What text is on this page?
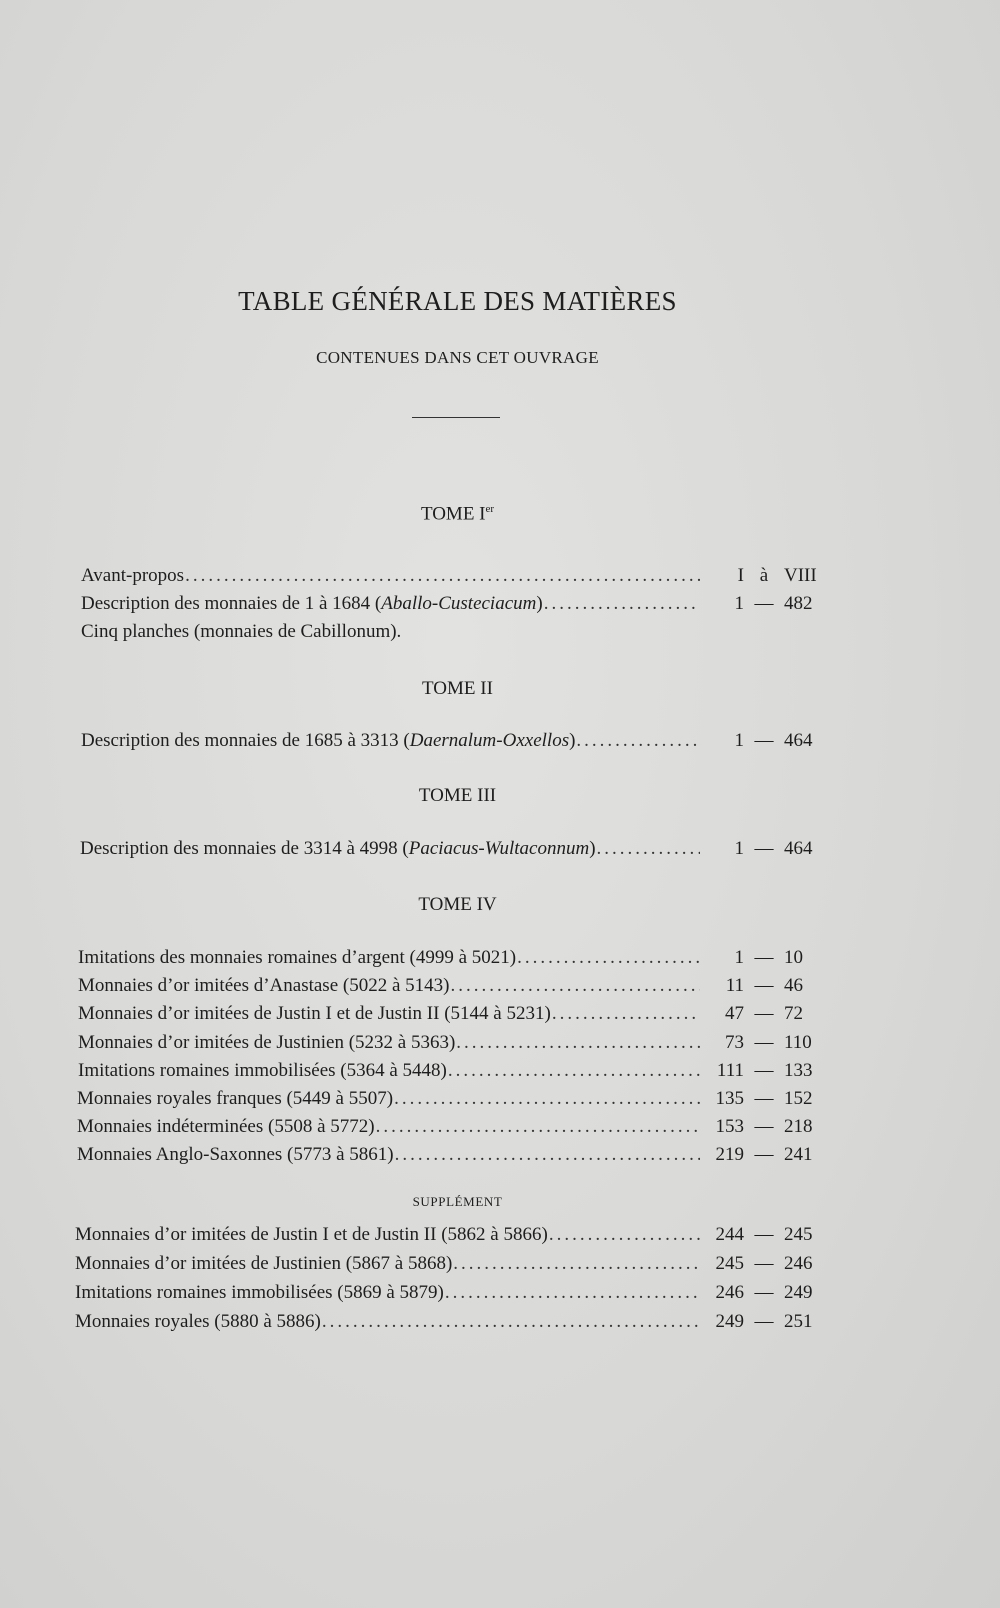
TABLE GÉNÉRALE DES MATIÈRES
CONTENUES DANS CET OUVRAGE
TOME Ier
Avant-propos .....	I à VIII
Description des monnaies de 1 à 1684 (Aballo-Custeciacum) .....	1 — 482
Cinq planches (monnaies de Cabillonum).
TOME II
Description des monnaies de 1685 à 3313 (Daernalum-Oxxellos) .....	1 — 464
TOME III
Description des monnaies de 3314 à 4998 (Paciacus-Wultaconnum) .....	1 — 464
TOME IV
Imitations des monnaies romaines d’argent (4999 à 5021) .....	1 — 10
Monnaies d’or imitées d’Anastase (5022 à 5143) .....	11 — 46
Monnaies d’or imitées de Justin I et de Justin II (5144 à 5231) .....	47 — 72
Monnaies d’or imitées de Justinien (5232 à 5363) .....	73 — 110
Imitations romaines immobilisées (5364 à 5448) .....	111 — 133
Monnaies royales franques (5449 à 5507) .....	135 — 152
Monnaies indéterminées (5508 à 5772) .....	153 — 218
Monnaies Anglo-Saxonnes (5773 à 5861) .....	219 — 241
SUPPLÉMENT
Monnaies d’or imitées de Justin I et de Justin II (5862 à 5866) .....	244 — 245
Monnaies d’or imitées de Justinien (5867 à 5868) .....	245 — 246
Imitations romaines immobilisées (5869 à 5879) .....	246 — 249
Monnaies royales (5880 à 5886) .....	249 — 251
